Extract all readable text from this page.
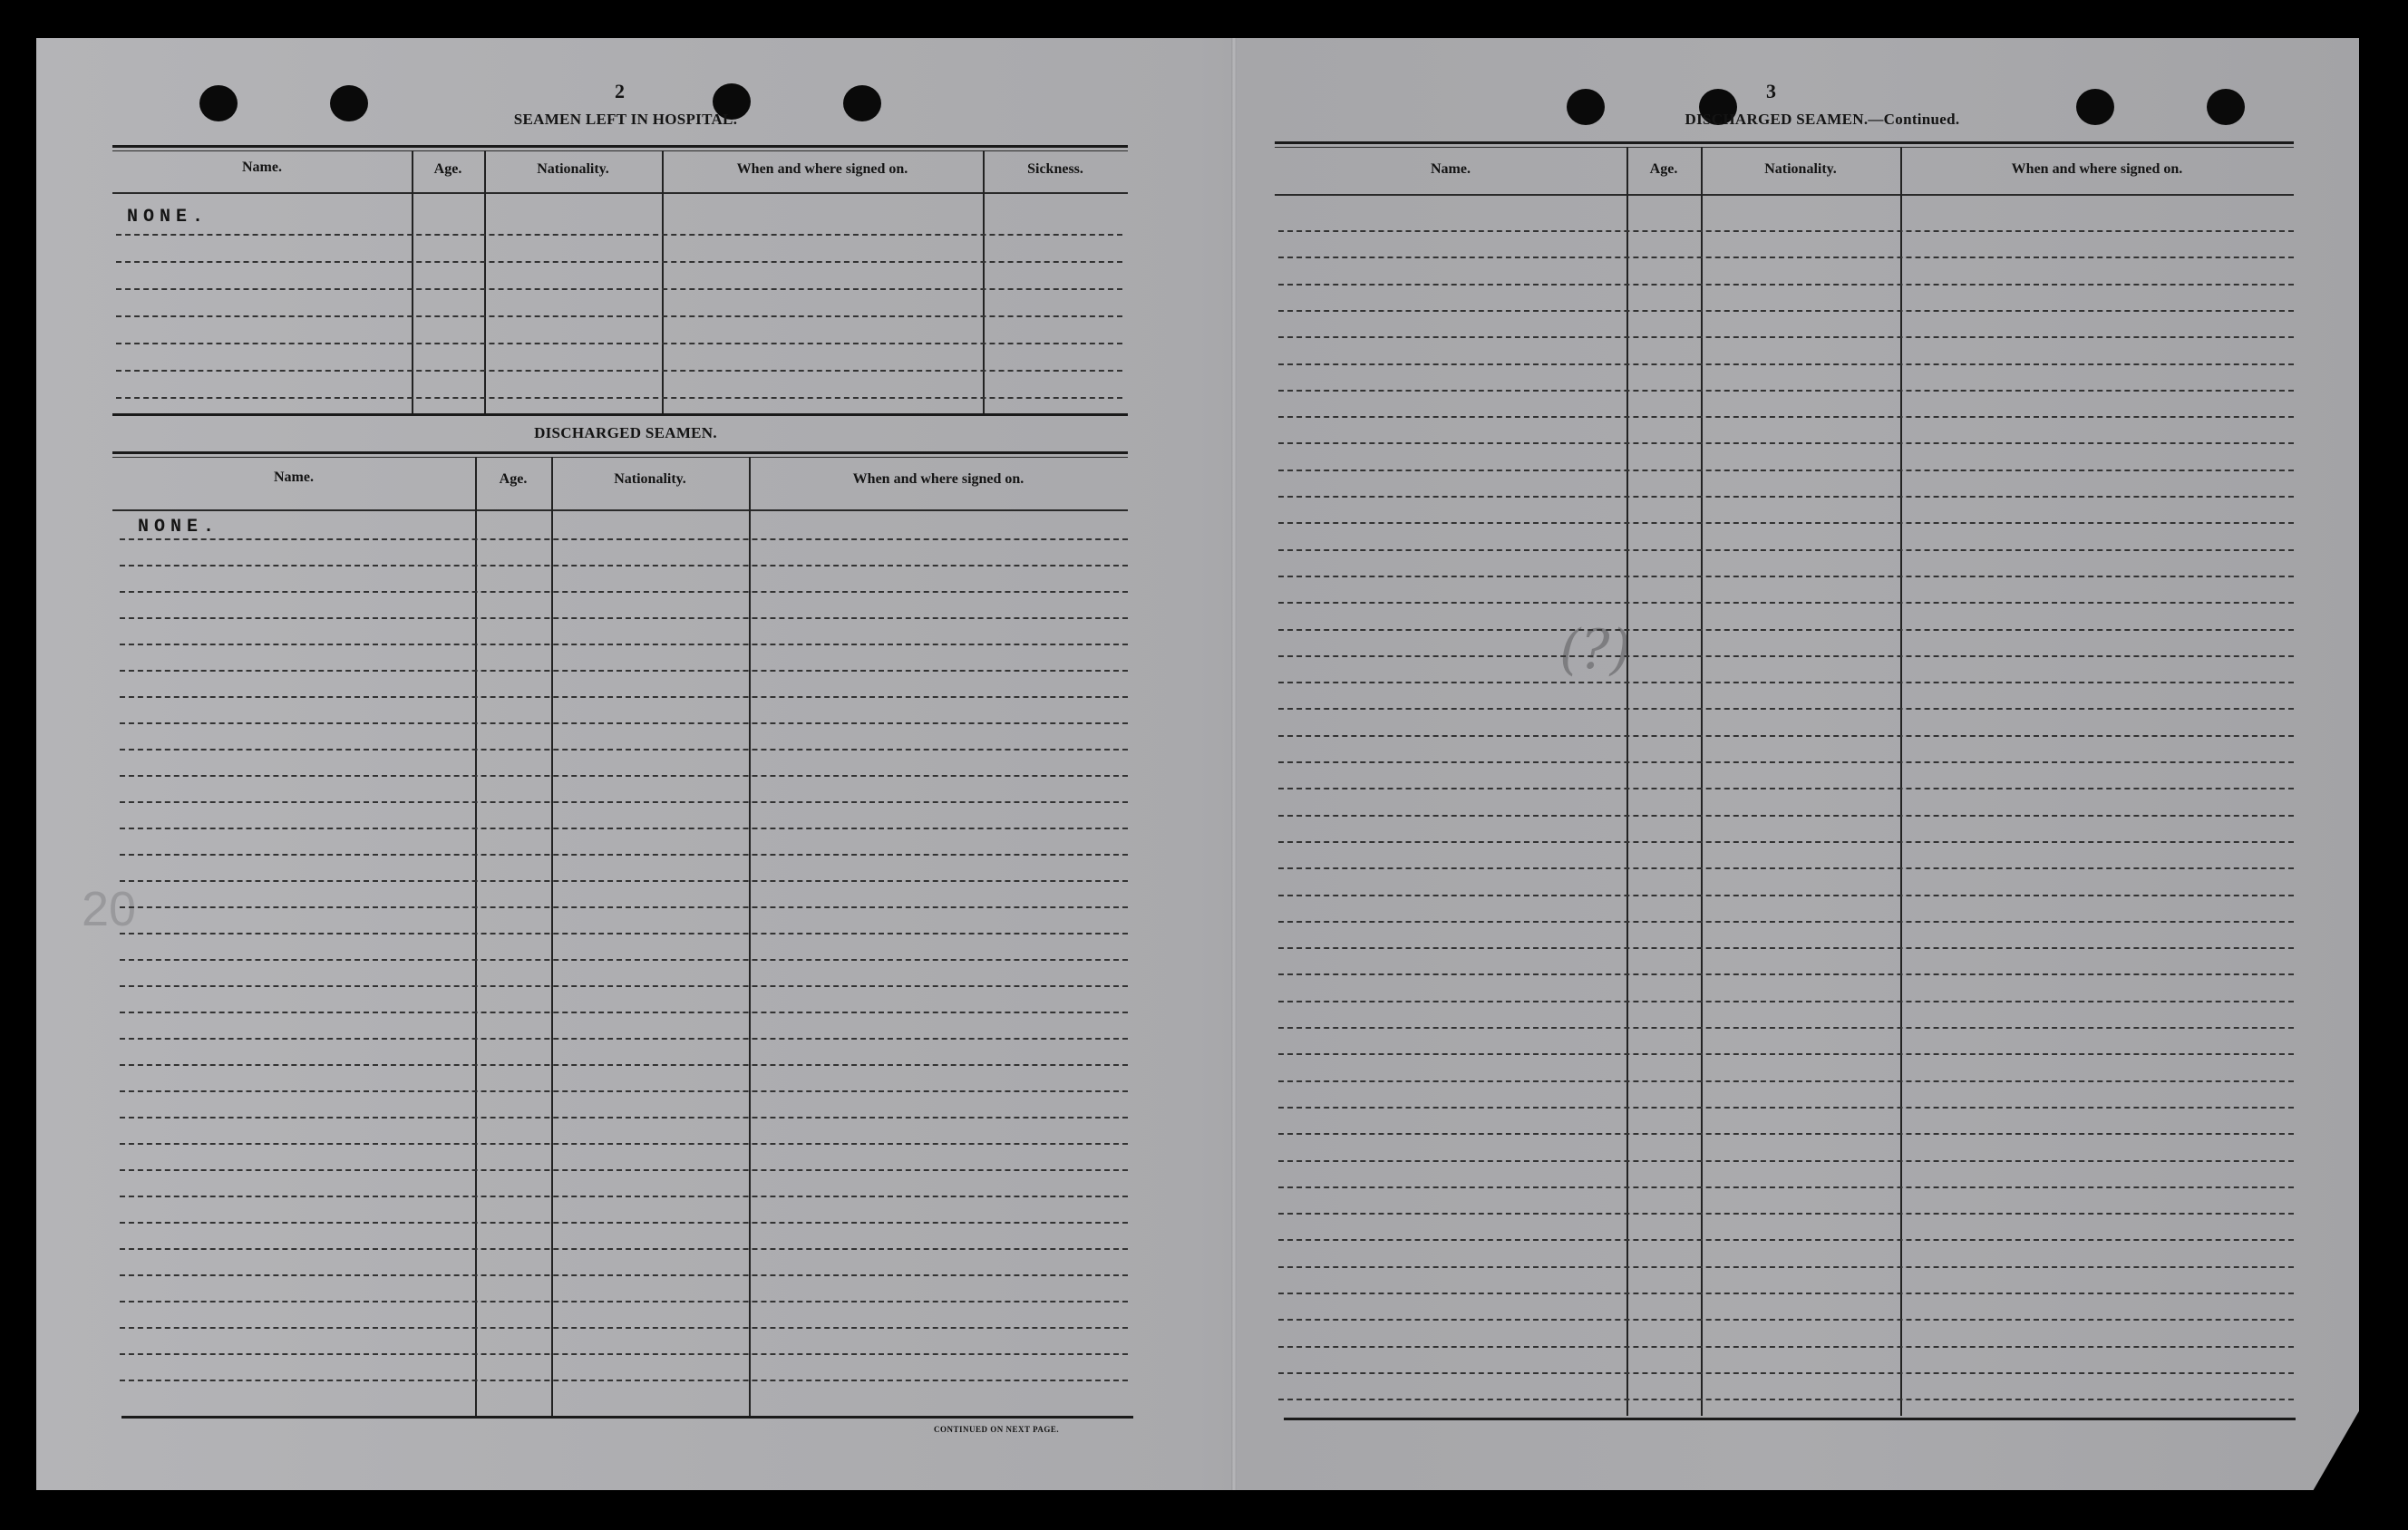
(?)
20
2
SEAMEN LEFT IN HOSPITAL.
Name.	Age.	Nationality.	When and where signed on.	Sickness.
NONE.
DISCHARGED SEAMEN.
Name.	Age.	Nationality.	When and where signed on.
NONE.
CONTINUED ON NEXT PAGE.
3
DISCHARGED SEAMEN.—Continued.
Name.	Age.	Nationality.	When and where signed on.
